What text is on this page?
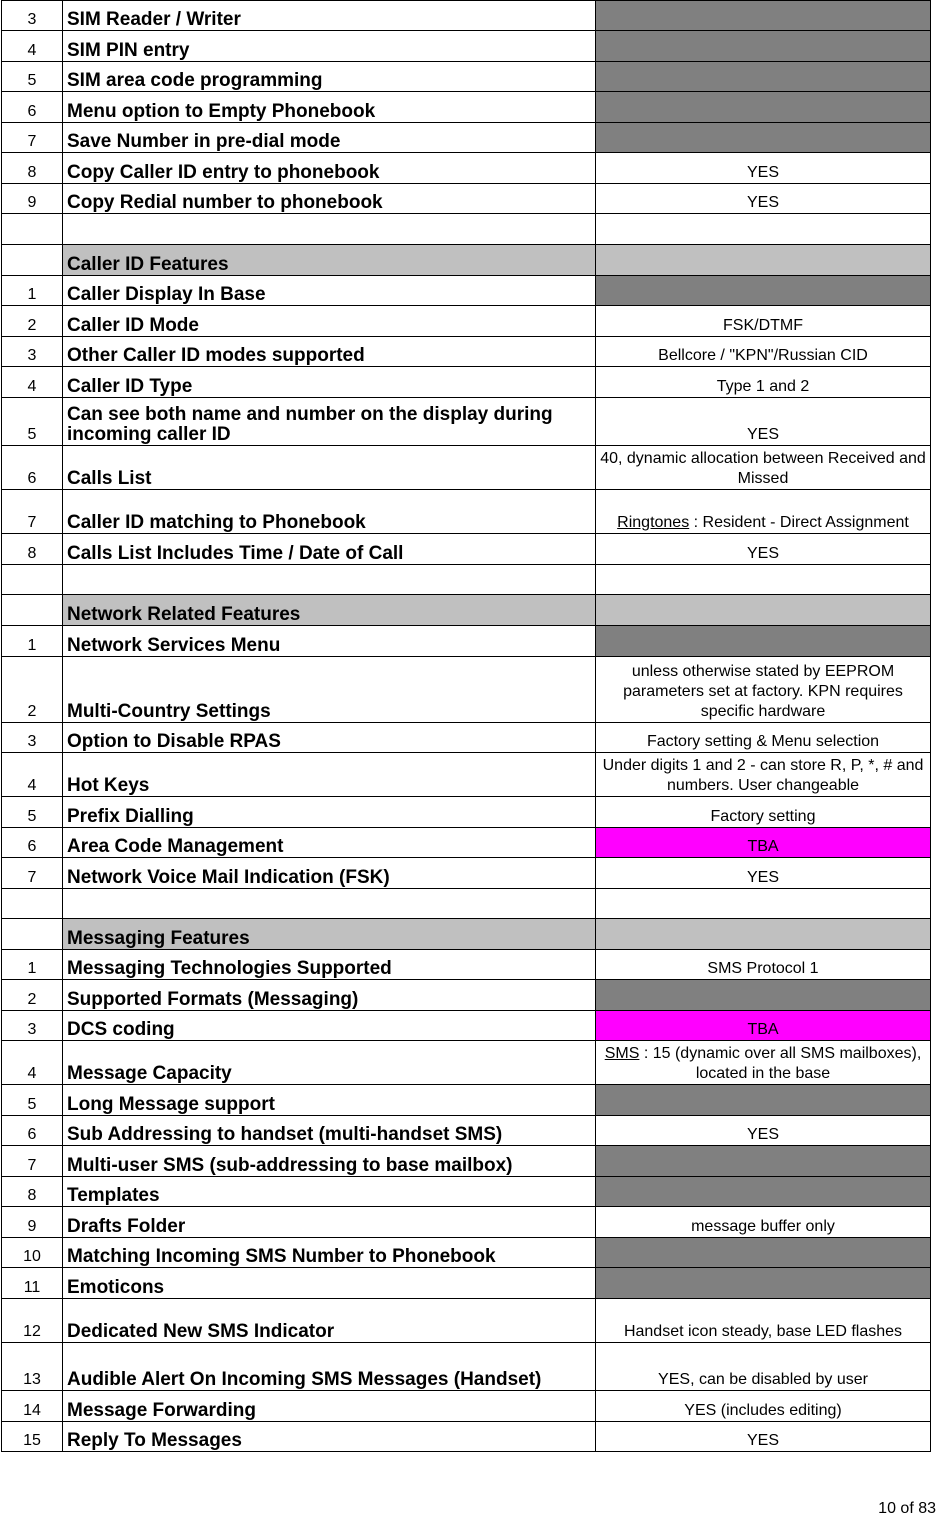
3	SIM Reader / Writer	
4	SIM PIN entry	
5	SIM area code programming	
6	Menu option to Empty Phonebook	
7	Save Number in pre-dial mode	
8	Copy Caller ID entry to phonebook	YES
9	Copy Redial number to phonebook	YES

	Caller ID Features	
1	Caller Display In Base	
2	Caller ID Mode	FSK/DTMF
3	Other Caller ID modes supported	Bellcore / "KPN"/Russian CID
4	Caller ID Type	Type 1 and 2
5	Can see both name and number on the display during incoming caller ID	YES
6	Calls List	40, dynamic allocation between Received and Missed
7	Caller ID matching to Phonebook	Ringtones : Resident - Direct Assignment
8	Calls List Includes Time / Date of Call	YES

	Network Related Features	
1	Network Services Menu	
2	Multi-Country Settings	unless otherwise stated by EEPROM parameters set at factory. KPN requires specific hardware
3	Option to Disable RPAS	Factory setting & Menu selection
4	Hot Keys	Under digits 1 and 2 - can store R, P, *, # and numbers. User changeable
5	Prefix Dialling	Factory setting
6	Area Code Management	TBA
7	Network Voice Mail Indication (FSK)	YES

	Messaging Features	
1	Messaging Technologies Supported	SMS Protocol 1
2	Supported Formats (Messaging)	
3	DCS coding	TBA
4	Message Capacity	SMS : 15 (dynamic over all SMS mailboxes), located in the base
5	Long Message support	
6	Sub Addressing to handset (multi-handset SMS)	YES
7	Multi-user SMS (sub-addressing to base mailbox)	
8	Templates	
9	Drafts Folder	message buffer only
10	Matching Incoming SMS Number to Phonebook	
11	Emoticons	
12	Dedicated New SMS Indicator	Handset icon steady, base LED flashes
13	Audible Alert On Incoming SMS Messages (Handset)	YES, can be disabled by user
14	Message Forwarding	YES (includes editing)
15	Reply To Messages	YES
10 of 83
